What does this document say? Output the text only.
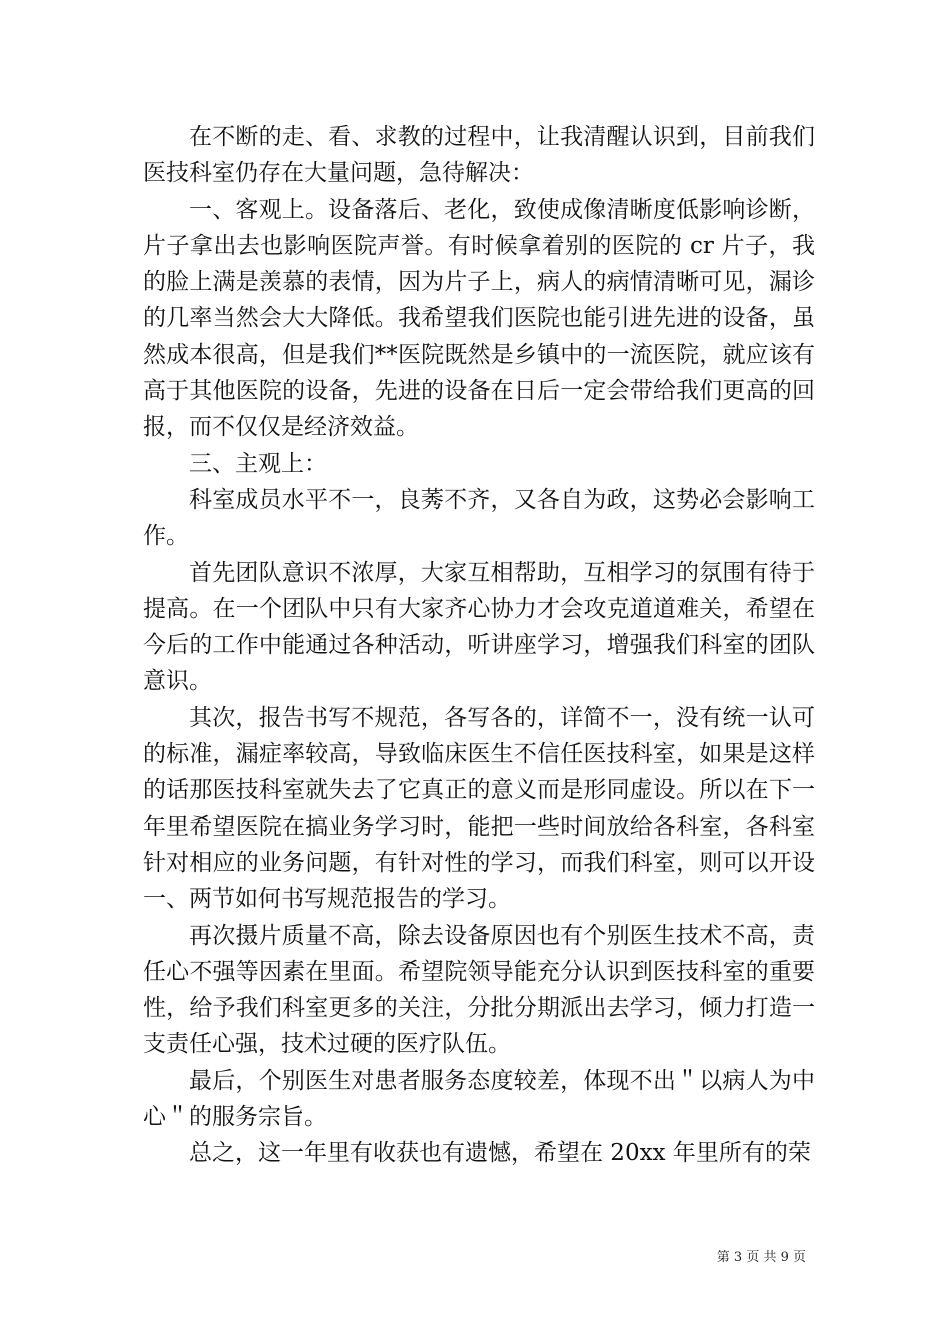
在不断的走、看、求教的过程中，让我清醒认识到，目前我们医技科室仍存在大量问题，急待解决：

一、客观上。设备落后、老化，致使成像清晰度低影响诊断，片子拿出去也影响医院声誉。有时候拿着别的医院的 cr 片子，我的脸上满是羡慕的表情，因为片子上，病人的病情清晰可见，漏诊的几率当然会大大降低。我希望我们医院也能引进先进的设备，虽然成本很高，但是我们**医院既然是乡镇中的一流医院，就应该有高于其他医院的设备，先进的设备在日后一定会带给我们更高的回报，而不仅仅是经济效益。

三、主观上：

科室成员水平不一，良莠不齐，又各自为政，这势必会影响工作。

首先团队意识不浓厚，大家互相帮助，互相学习的氛围有待于提高。在一个团队中只有大家齐心协力才会攻克道道难关，希望在今后的工作中能通过各种活动，听讲座学习，增强我们科室的团队意识。

其次，报告书写不规范，各写各的，详简不一，没有统一认可的标准，漏症率较高，导致临床医生不信任医技科室，如果是这样的话那医技科室就失去了它真正的意义而是形同虚设。所以在下一年里希望医院在搞业务学习时，能把一些时间放给各科室，各科室针对相应的业务问题，有针对性的学习，而我们科室，则可以开设一、两节如何书写规范报告的学习。

再次摄片质量不高，除去设备原因也有个别医生技术不高，责任心不强等因素在里面。希望院领导能充分认识到医技科室的重要性，给予我们科室更多的关注，分批分期派出去学习，倾力打造一支责任心强，技术过硬的医疗队伍。

最后，个别医生对患者服务态度较差，体现不出＂以病人为中心＂的服务宗旨。

总之，这一年里有收获也有遗憾，希望在 20xx 年里所有的荣

第 3 页 共 9 页
